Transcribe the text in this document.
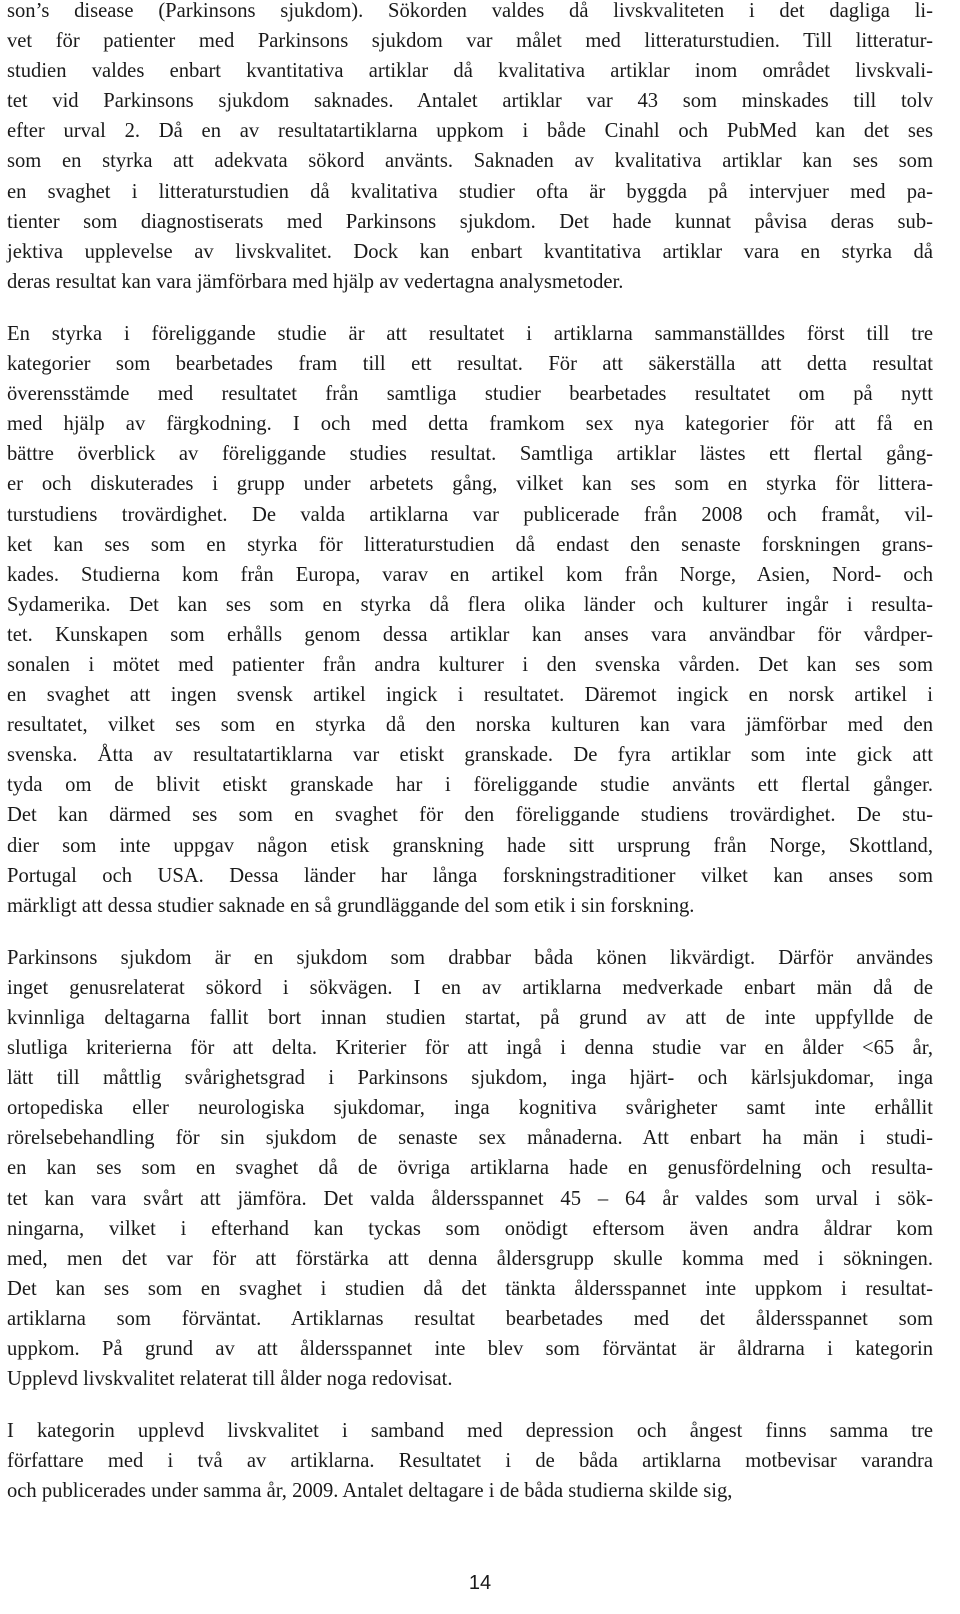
son’s disease (Parkinsons sjukdom). Sökorden valdes då livskvaliteten i det dagliga li-
vet för patienter med Parkinsons sjukdom var målet med litteraturstudien. Till litteratur-
studien valdes enbart kvantitativa artiklar då kvalitativa artiklar inom området livskvali-
tet vid Parkinsons sjukdom saknades. Antalet artiklar var 43 som minskades till tolv
efter urval 2. Då en av resultatartiklarna uppkom i både Cinahl och PubMed kan det ses
som en styrka att adekvata sökord använts. Saknaden av kvalitativa artiklar kan ses som
en svaghet i litteraturstudien då kvalitativa studier ofta är byggda på intervjuer med pa-
tienter som diagnostiserats med Parkinsons sjukdom. Det hade kunnat påvisa deras sub-
jektiva upplevelse av livskvalitet. Dock kan enbart kvantitativa artiklar vara en styrka då
deras resultat kan vara jämförbara med hjälp av vedertagna analysmetoder.

En styrka i föreliggande studie är att resultatet i artiklarna sammanställdes först till tre
kategorier som bearbetades fram till ett resultat. För att säkerställa att detta resultat
överensstämde med resultatet från samtliga studier bearbetades resultatet om på nytt
med hjälp av färgkodning. I och med detta framkom sex nya kategorier för att få en
bättre överblick av föreliggande studies resultat. Samtliga artiklar lästes ett flertal gång-
er och diskuterades i grupp under arbetets gång, vilket kan ses som en styrka för littera-
turstudiens trovärdighet. De valda artiklarna var publicerade från 2008 och framåt, vil-
ket kan ses som en styrka för litteraturstudien då endast den senaste forskningen grans-
kades. Studierna kom från Europa, varav en artikel kom från Norge, Asien, Nord- och
Sydamerika. Det kan ses som en styrka då flera olika länder och kulturer ingår i resulta-
tet. Kunskapen som erhålls genom dessa artiklar kan anses vara användbar för vårdper-
sonalen i mötet med patienter från andra kulturer i den svenska vården. Det kan ses som
en svaghet att ingen svensk artikel ingick i resultatet. Däremot ingick en norsk artikel i
resultatet, vilket ses som en styrka då den norska kulturen kan vara jämförbar med den
svenska. Åtta av resultatartiklarna var etiskt granskade. De fyra artiklar som inte gick att
tyda om de blivit etiskt granskade har i föreliggande studie använts ett flertal gånger.
Det kan därmed ses som en svaghet för den föreliggande studiens trovärdighet. De stu-
dier som inte uppgav någon etisk granskning hade sitt ursprung från Norge, Skottland,
Portugal och USA. Dessa länder har långa forskningstraditioner vilket kan anses som
märkligt att dessa studier saknade en så grundläggande del som etik i sin forskning.

Parkinsons sjukdom är en sjukdom som drabbar båda könen likvärdigt. Därför användes
inget genusrelaterat sökord i sökvägen. I en av artiklarna medverkade enbart män då de
kvinnliga deltagarna fallit bort innan studien startat, på grund av att de inte uppfyllde de
slutliga kriterierna för att delta. Kriterier för att ingå i denna studie var en ålder <65 år,
lätt till måttlig svårighetsgrad i Parkinsons sjukdom, inga hjärt- och kärlsjukdomar, inga
ortopediska eller neurologiska sjukdomar, inga kognitiva svårigheter samt inte erhållit
rörelsebehandling för sin sjukdom de senaste sex månaderna. Att enbart ha män i studi-
en kan ses som en svaghet då de övriga artiklarna hade en genusfördelning och resulta-
tet kan vara svårt att jämföra. Det valda åldersspannet 45 – 64 år valdes som urval i sök-
ningarna, vilket i efterhand kan tyckas som onödigt eftersom även andra åldrar kom
med, men det var för att förstärka att denna åldersgrupp skulle komma med i sökningen.
Det kan ses som en svaghet i studien då det tänkta åldersspannet inte uppkom i resultat-
artiklarna som förväntat. Artiklarnas resultat bearbetades med det åldersspannet som
uppkom. På grund av att åldersspannet inte blev som förväntat är åldrarna i kategorin
Upplevd livskvalitet relaterat till ålder noga redovisat.

I kategorin upplevd livskvalitet i samband med depression och ångest finns samma tre
författare med i två av artiklarna. Resultatet i de båda artiklarna motbevisar varandra
och publicerades under samma år, 2009. Antalet deltagare i de båda studierna skilde sig,

14
